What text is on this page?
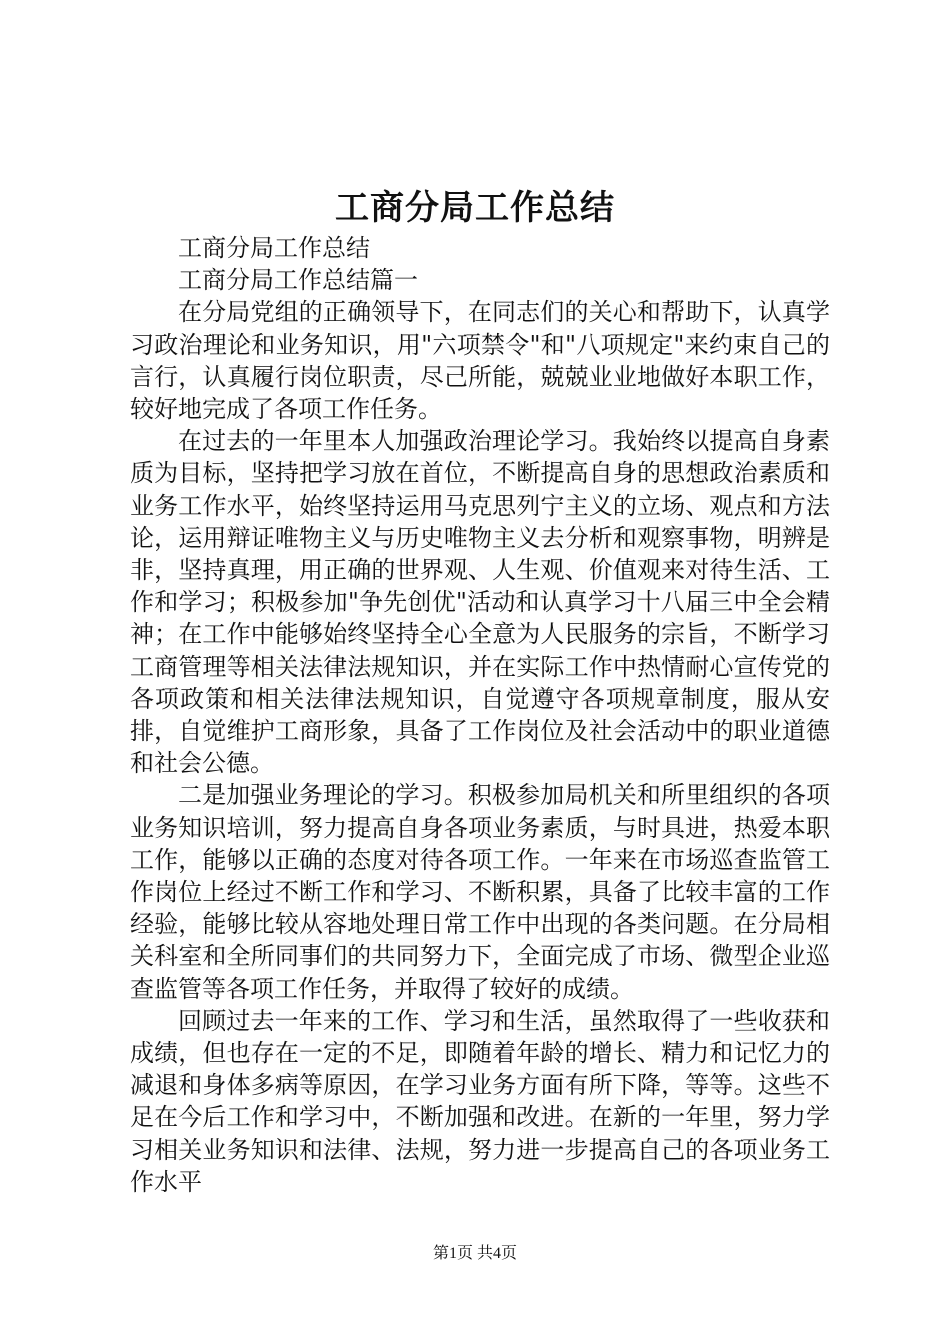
工商分局工作总结

工商分局工作总结

工商分局工作总结篇一

在分局党组的正确领导下，在同志们的关心和帮助下，认真学习政治理论和业务知识，用"六项禁令"和"八项规定"来约束自己的言行，认真履行岗位职责，尽己所能，兢兢业业地做好本职工作，较好地完成了各项工作任务。

在过去的一年里本人加强政治理论学习。我始终以提高自身素质为目标，坚持把学习放在首位，不断提高自身的思想政治素质和业务工作水平，始终坚持运用马克思列宁主义的立场、观点和方法论，运用辩证唯物主义与历史唯物主义去分析和观察事物，明辨是非，坚持真理，用正确的世界观、人生观、价值观来对待生活、工作和学习；积极参加"争先创优"活动和认真学习十八届三中全会精神；在工作中能够始终坚持全心全意为人民服务的宗旨，不断学习工商管理等相关法律法规知识，并在实际工作中热情耐心宣传党的各项政策和相关法律法规知识，自觉遵守各项规章制度，服从安排，自觉维护工商形象，具备了工作岗位及社会活动中的职业道德和社会公德。

二是加强业务理论的学习。积极参加局机关和所里组织的各项业务知识培训，努力提高自身各项业务素质，与时具进，热爱本职工作，能够以正确的态度对待各项工作。一年来在市场巡查监管工作岗位上经过不断工作和学习、不断积累，具备了比较丰富的工作经验，能够比较从容地处理日常工作中出现的各类问题。在分局相关科室和全所同事们的共同努力下，全面完成了市场、微型企业巡查监管等各项工作任务，并取得了较好的成绩。

回顾过去一年来的工作、学习和生活，虽然取得了一些收获和成绩，但也存在一定的不足，即随着年龄的增长、精力和记忆力的减退和身体多病等原因，在学习业务方面有所下降，等等。这些不足在今后工作和学习中，不断加强和改进。在新的一年里，努力学习相关业务知识和法律、法规，努力进一步提高自己的各项业务工作水平

第1页 共4页
